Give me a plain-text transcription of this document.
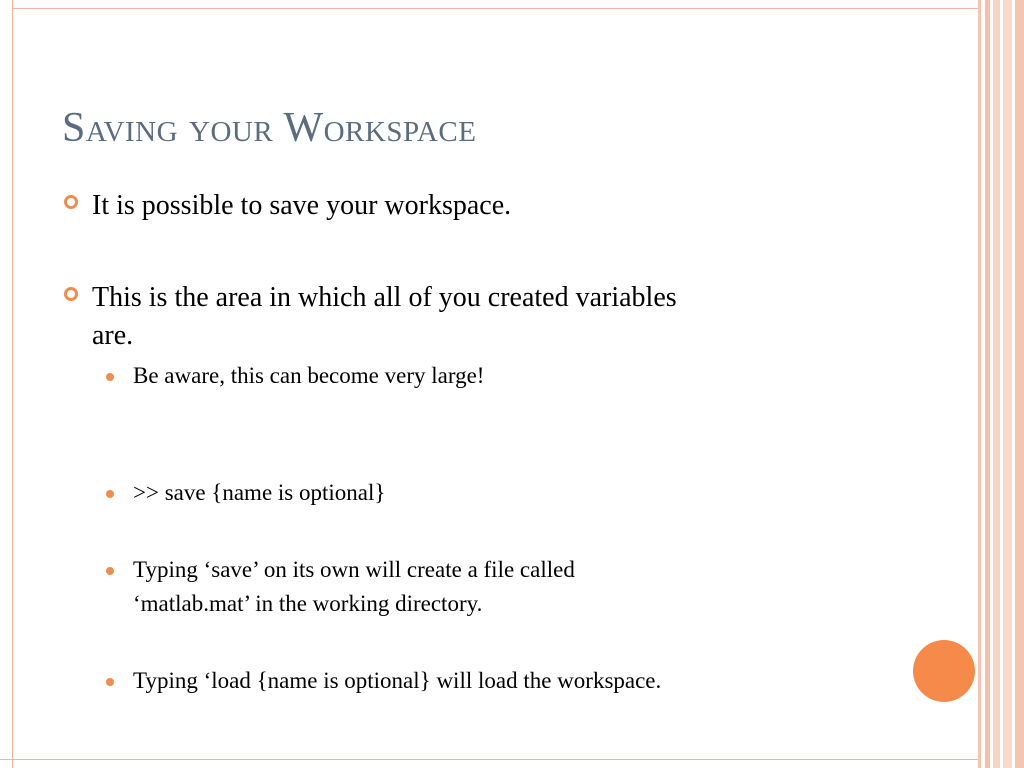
Saving your Workspace
It is possible to save your workspace.
This is the area in which all of you created variables
are.
Be aware, this can become very large!
>> save {name is optional}
Typing ‘save’ on its own will create a file called
‘matlab.mat’ in the working directory.
Typing ‘load {name is optional} will load the workspace.
